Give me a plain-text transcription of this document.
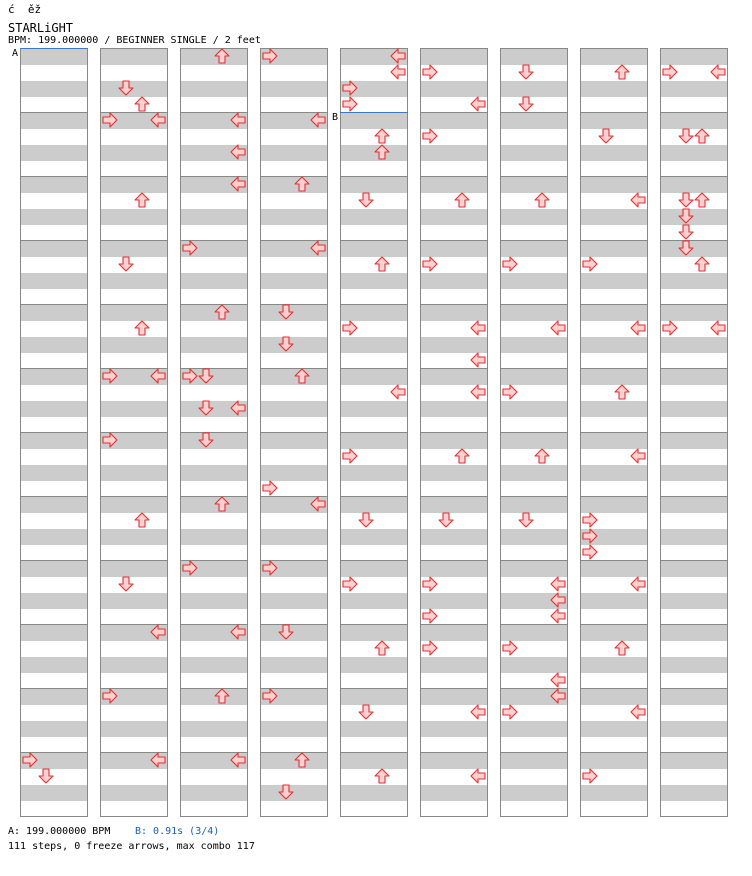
ć  ěž
STARLiGHT
BPM: 199.000000 / BEGINNER SINGLE / 2 feet
A
B
A: 199.000000 BPM B: 0.91s (3/4)
111 steps, 0 freeze arrows, max combo 117
